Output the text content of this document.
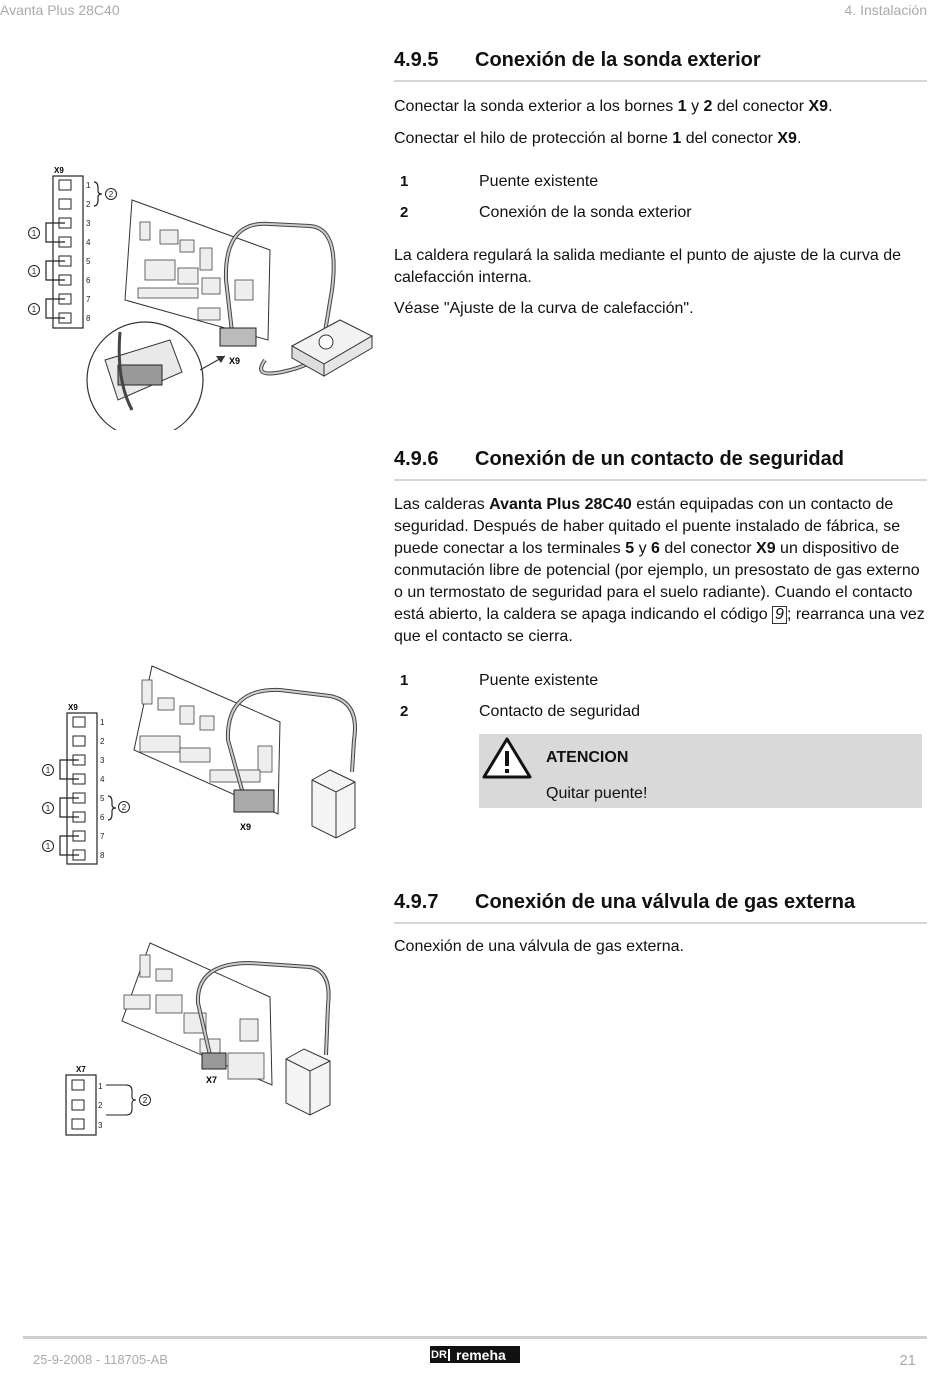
Avanta Plus 28C40	4. Instalación
X9
1
2
3
4
5
6
7
8
1
1
1
2
X9
4.9.5	Conexión de la sonda exterior

Conectar la sonda exterior a los bornes 1 y 2 del conector X9.

Conectar el hilo de protección al borne 1 del conector X9.

1	Puente existente
2	Conexión de la sonda exterior

La caldera regulará la salida mediante el punto de ajuste de la curva de calefacción interna.

Véase "Ajuste de la curva de calefacción".

X9
1
2
3
4
5
6
7
8
1
1
1
2
X9
4.9.6	Conexión de un contacto de seguridad

Las calderas Avanta Plus 28C40 están equipadas con un contacto de seguridad. Después de haber quitado el puente instalado de fábrica, se puede conectar a los terminales 5 y 6 del conector X9 un dispositivo de conmutación libre de potencial (por ejemplo, un presostato de gas externo o un termostato de seguridad para el suelo radiante). Cuando el contacto está abierto, la caldera se apaga indicando el código 9 ; rearranca una vez que el contacto se cierra.

1	Puente existente
2	Contacto de seguridad
ATENCION
Quitar puente!
X7
1
2
3
2
X7
4.9.7	Conexión de una válvula de gas externa

Conexión de una válvula de gas externa.

25-9-2008 - 118705-AB	DR remeha	21
